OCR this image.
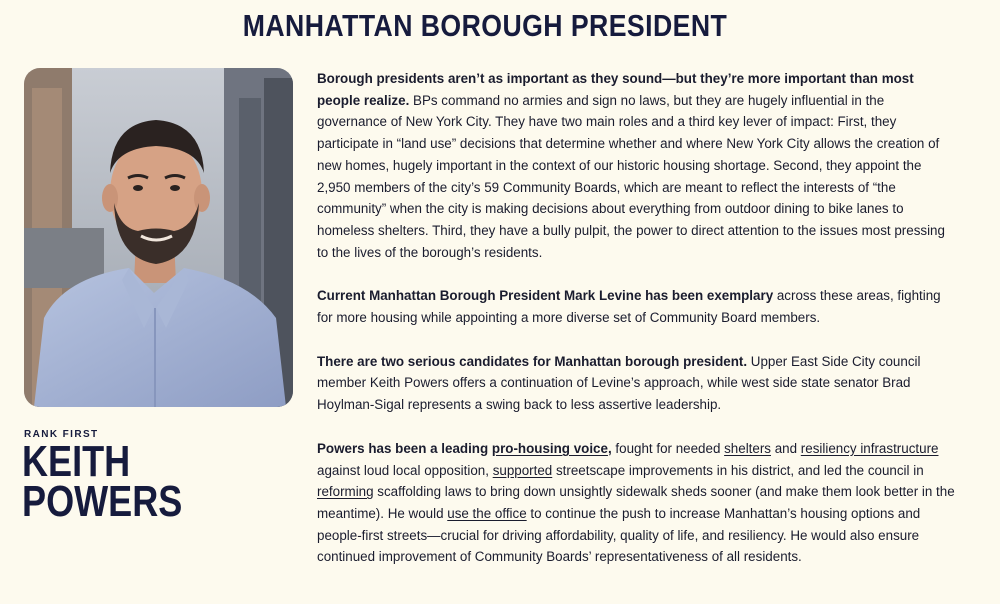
MANHATTAN BOROUGH PRESIDENT
RANK FIRST
KEITH
POWERS

Borough presidents aren’t as important as they sound—but they’re more important than most people realize. BPs command no armies and sign no laws, but they are hugely influential in the governance of New York City. They have two main roles and a third key lever of impact: First, they participate in “land use” decisions that determine whether and where New York City allows the creation of new homes, hugely important in the context of our historic housing shortage. Second, they appoint the 2,950 members of the city’s 59 Community Boards, which are meant to reflect the interests of “the community” when the city is making decisions about everything from outdoor dining to bike lanes to homeless shelters. Third, they have a bully pulpit, the power to direct attention to the issues most pressing to the lives of the borough’s residents.

Current Manhattan Borough President Mark Levine has been exemplary across these areas, fighting for more housing while appointing a more diverse set of Community Board members.

There are two serious candidates for Manhattan borough president. Upper East Side City council member Keith Powers offers a continuation of Levine’s approach, while west side state senator Brad Hoylman-Sigal represents a swing back to less assertive leadership.

Powers has been a leading pro-housing voice, fought for needed shelters and resiliency infrastructure against loud local opposition, supported streetscape improvements in his district, and led the council in reforming scaffolding laws to bring down unsightly sidewalk sheds sooner (and make them look better in the meantime). He would use the office to continue the push to increase Manhattan’s housing options and people-first streets—crucial for driving affordability, quality of life, and resiliency. He would also ensure continued improvement of Community Boards’ representativeness of all residents.
